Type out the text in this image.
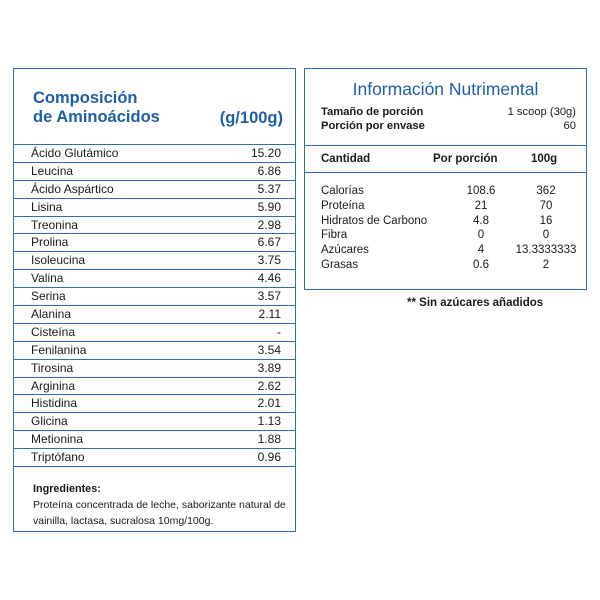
Composición
de Aminoácidos	(g/100g)
Ácido Glutámico	15.20
Leucina	6.86
Ácido Aspártico	5.37
Lisina	5.90
Treonina	2.98
Prolina	6.67
Isoleucina	3.75
Valina	4.46
Serina	3.57
Alanina	2.11
Cisteína	-
Fenilanina	3.54
Tirosina	3.89
Arginina	2.62
Histidina	2.01
Glicina	1.13
Metionina	1.88
Triptófano	0.96
Ingredientes:
Proteína concentrada de leche, saborizante natural de vainilla, lactasa, sucralosa 10mg/100g.
Información Nutrimental
Tamaño de porción	1 scoop (30g)
Porción por envase	60
Cantidad	Por porción	100g
Calorías	108.6	362
Proteína	21	70
Hidratos de Carbono	4.8	16
Fibra	0	0
Azúcares	4	13.3333333
Grasas	0.6	2
** Sin azúcares añadidos
